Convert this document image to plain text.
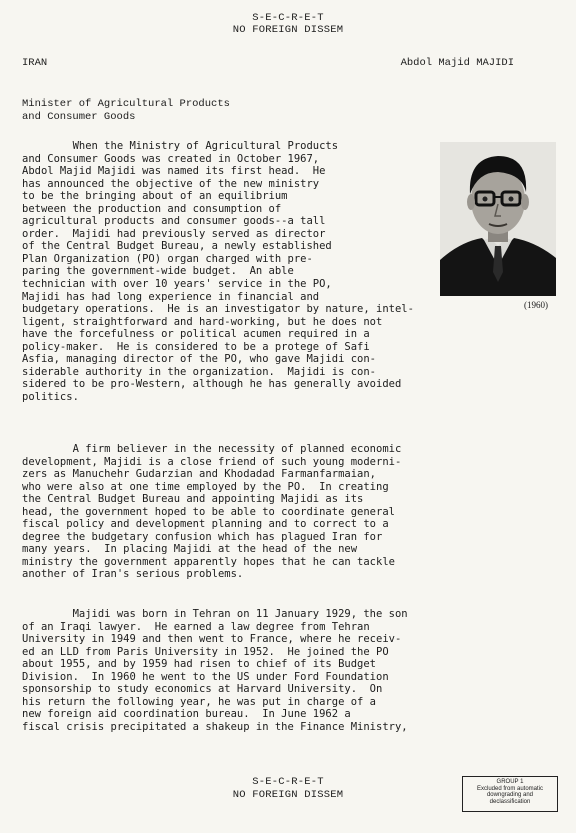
S-E-C-R-E-T
NO FOREIGN DISSEM
IRAN	Abdol Majid MAJIDI
Minister of Agricultural Products
and Consumer Goods
(1960)
When the Ministry of Agricultural Products
and Consumer Goods was created in October 1967,
Abdol Majid Majidi was named its first head.  He
has announced the objective of the new ministry
to be the bringing about of an equilibrium
between the production and consumption of
agricultural products and consumer goods--a tall
order.  Majidi had previously served as director
of the Central Budget Bureau, a newly established
Plan Organization (PO) organ charged with pre-
paring the government-wide budget.  An able
technician with over 10 years' service in the PO,
Majidi has had long experience in financial and
budgetary operations.  He is an investigator by nature, intel-
ligent, straightforward and hard-working, but he does not
have the forcefulness or political acumen required in a
policy-maker.  He is considered to be a protege of Safi
Asfia, managing director of the PO, who gave Majidi con-
siderable authority in the organization.  Majidi is con-
sidered to be pro-Western, although he has generally avoided
politics.
A firm believer in the necessity of planned economic
development, Majidi is a close friend of such young moderni-
zers as Manuchehr Gudarzian and Khodadad Farmanfarmaian,
who were also at one time employed by the PO.  In creating
the Central Budget Bureau and appointing Majidi as its
head, the government hoped to be able to coordinate general
fiscal policy and development planning and to correct to a
degree the budgetary confusion which has plagued Iran for
many years.  In placing Majidi at the head of the new
ministry the government apparently hopes that he can tackle
another of Iran's serious problems.
Majidi was born in Tehran on 11 January 1929, the son
of an Iraqi lawyer.  He earned a law degree from Tehran
University in 1949 and then went to France, where he receiv-
ed an LLD from Paris University in 1952.  He joined the PO
about 1955, and by 1959 had risen to chief of its Budget
Division.  In 1960 he went to the US under Ford Foundation
sponsorship to study economics at Harvard University.  On
his return the following year, he was put in charge of a
new foreign aid coordination bureau.  In June 1962 a
fiscal crisis precipitated a shakeup in the Finance Ministry,
S-E-C-R-E-T
NO FOREIGN DISSEM
GROUP 1
Excluded from automatic
downgrading and
declassification
